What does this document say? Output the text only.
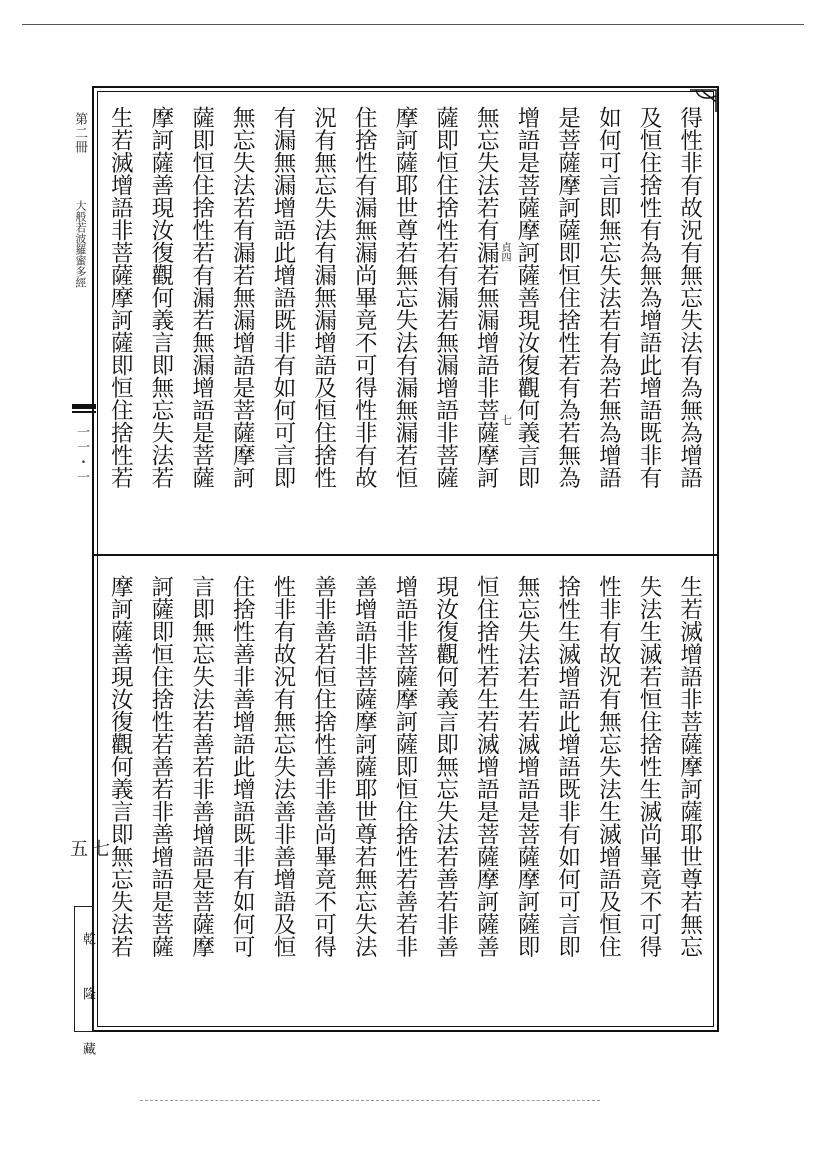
第二冊
大般若波羅蜜多經
一一・一
五七
乾隆藏
貞四
七	得性非有故況有無忘失法有為無為增語
及恒住捨性有為無為增語此增語既非有
如何可言即無忘失法若有為若無為增語
是菩薩摩訶薩即恒住捨性若有為若無為
增語是菩薩摩訶薩善現汝復觀何義言即
無忘失法若有漏若無漏增語非菩薩摩訶
薩即恒住捨性若有漏若無漏增語非菩薩
摩訶薩耶世尊若無忘失法有漏無漏若恒
住捨性有漏無漏尚畢竟不可得性非有故
況有無忘失法有漏無漏增語及恒住捨性
有漏無漏增語此增語既非有如何可言即
無忘失法若有漏若無漏增語是菩薩摩訶
薩即恒住捨性若有漏若無漏增語是菩薩
摩訶薩善現汝復觀何義言即無忘失法若
生若滅增語非菩薩摩訶薩即恒住捨性若
生若滅增語非菩薩摩訶薩耶世尊若無忘
失法生滅若恒住捨性生滅尚畢竟不可得
性非有故況有無忘失法生滅增語及恒住
捨性生滅增語此增語既非有如何可言即
無忘失法若生若滅增語是菩薩摩訶薩即
恒住捨性若生若滅增語是菩薩摩訶薩善
現汝復觀何義言即無忘失法若善若非善
增語非菩薩摩訶薩即恒住捨性若善若非
善增語非菩薩摩訶薩耶世尊若無忘失法
善非善若恒住捨性善非善尚畢竟不可得
性非有故況有無忘失法善非善增語及恒
住捨性善非善增語此增語既非有如何可
言即無忘失法若善若非善增語是菩薩摩
訶薩即恒住捨性若善若非善增語是菩薩
摩訶薩善現汝復觀何義言即無忘失法若
